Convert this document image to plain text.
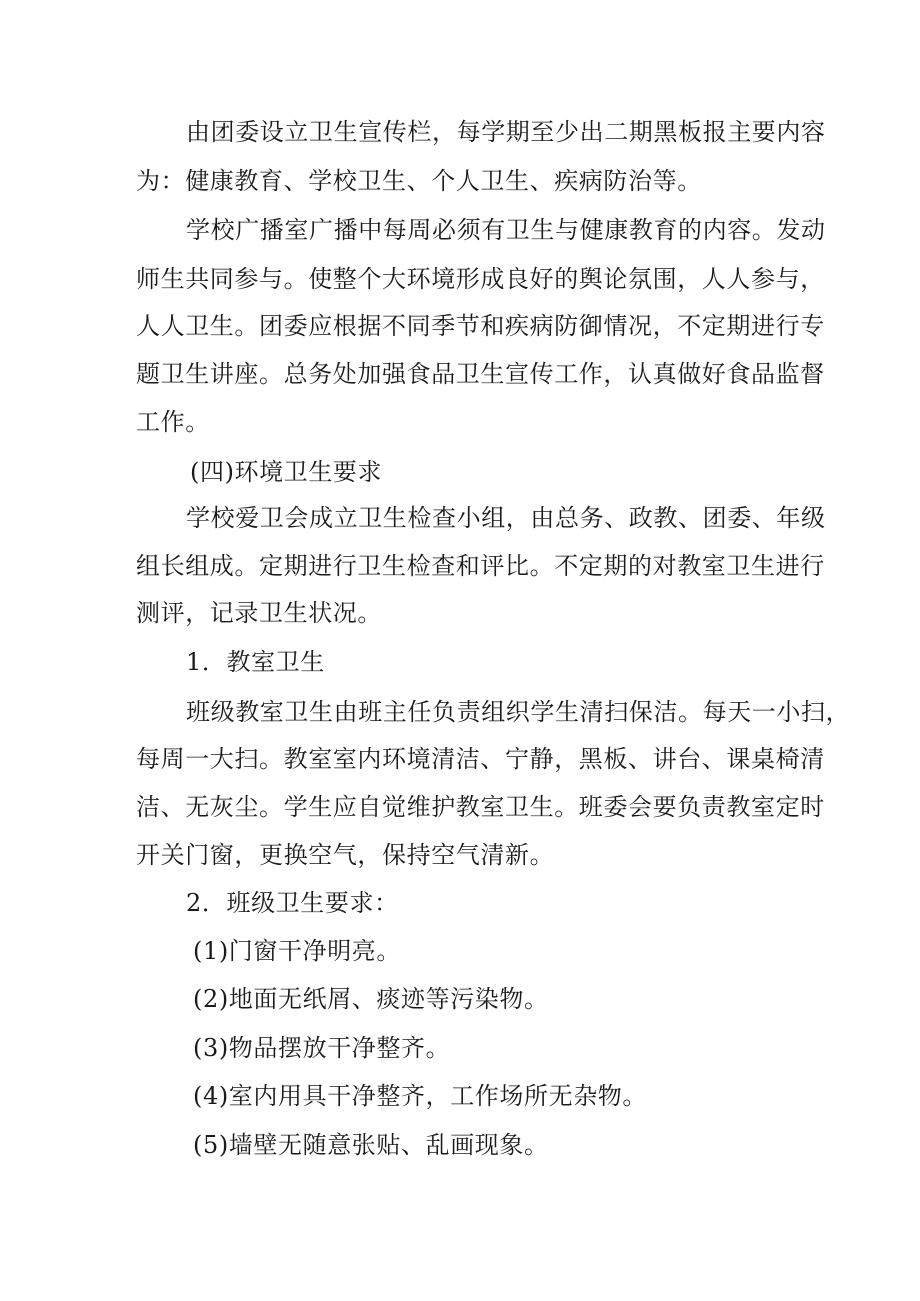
由团委设立卫生宣传栏，每学期至少出二期黑板报主要内容
为：健康教育、学校卫生、个人卫生、疾病防治等。
学校广播室广播中每周必须有卫生与健康教育的内容。发动
师生共同参与。使整个大环境形成良好的舆论氛围，人人参与，
人人卫生。团委应根据不同季节和疾病防御情况，不定期进行专
题卫生讲座。总务处加强食品卫生宣传工作，认真做好食品监督
工作。
(四)环境卫生要求
学校爱卫会成立卫生检查小组，由总务、政教、团委、年级
组长组成。定期进行卫生检查和评比。不定期的对教室卫生进行
测评，记录卫生状况。
1．教室卫生
班级教室卫生由班主任负责组织学生清扫保洁。每天一小扫，
每周一大扫。教室室内环境清洁、宁静，黑板、讲台、课桌椅清
洁、无灰尘。学生应自觉维护教室卫生。班委会要负责教室定时
开关门窗，更换空气，保持空气清新。
2．班级卫生要求：
(1)门窗干净明亮。
(2)地面无纸屑、痰迹等污染物。
(3)物品摆放干净整齐。
(4)室内用具干净整齐，工作场所无杂物。
(5)墙壁无随意张贴、乱画现象。
